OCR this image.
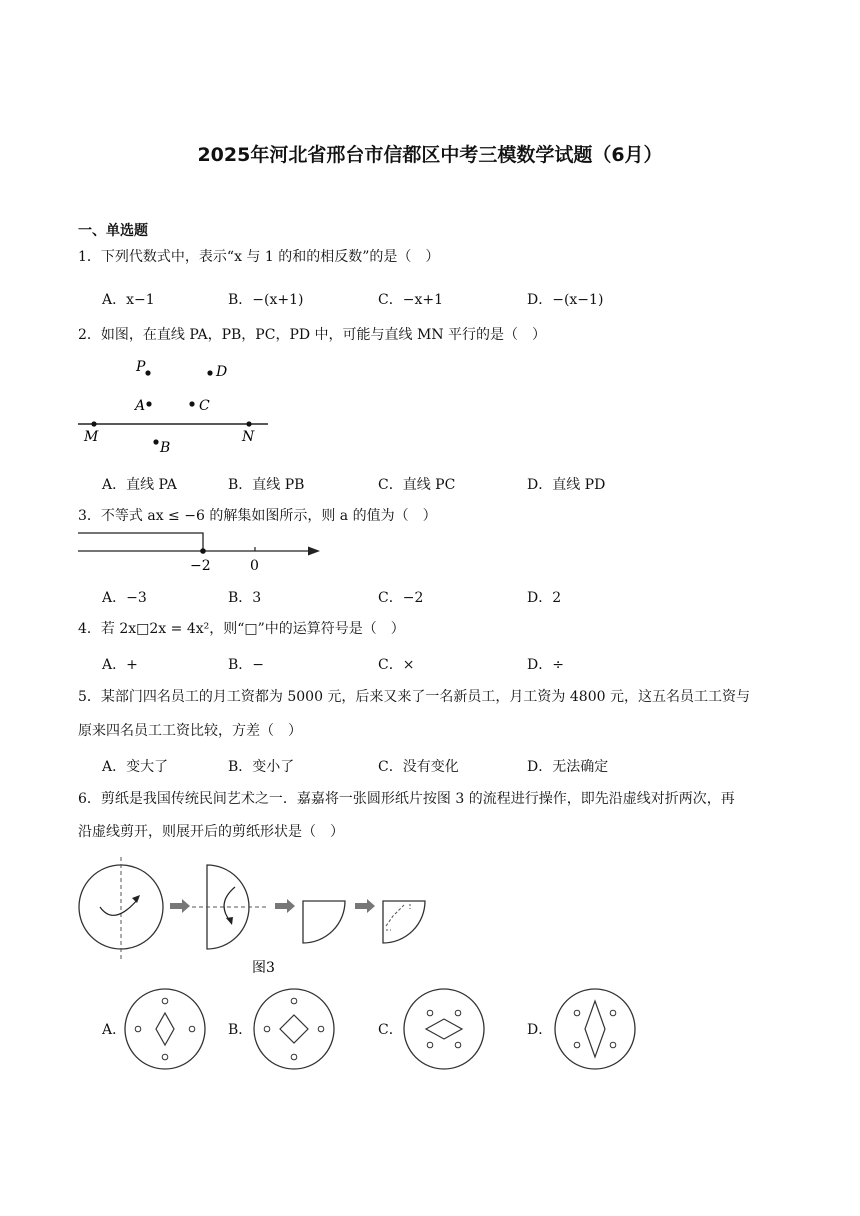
2025年河北省邢台市信都区中考三模数学试题（6月）
一、单选题
1．下列代数式中，表示“x 与 1 的和的相反数”的是（　）
A．x−1	B．−(x+1)	C．−x+1	D．−(x−1)
2．如图，在直线 PA，PB，PC，PD 中，可能与直线 MN 平行的是（　）
P	D
A	C
M	N
B
A．直线 PA	B．直线 PB	C．直线 PC	D．直线 PD
3．不等式 ax ≤ −6 的解集如图所示，则 a 的值为（　）
−2	0
A．−3	B．3	C．−2	D．2
4．若 2x□2x = 4x²，则“□”中的运算符号是（　）
A．+	B．−	C．×	D．÷
5．某部门四名员工的月工资都为 5000 元，后来又来了一名新员工，月工资为 4800 元，这五名员工工资与
原来四名员工工资比较，方差（　）
A．变大了	B．变小了	C．没有变化	D．无法确定
6．剪纸是我国传统民间艺术之一．嘉嘉将一张圆形纸片按图 3 的流程进行操作，即先沿虚线对折两次，再
沿虚线剪开，则展开后的剪纸形状是（　）
图3
A．	B．	C．	D．
